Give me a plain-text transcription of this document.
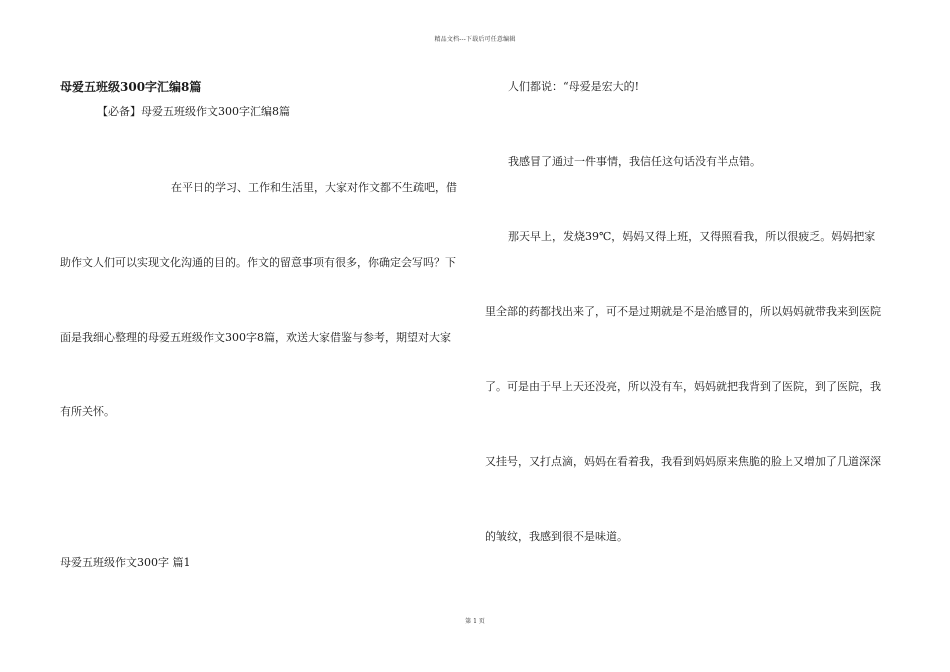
精品文档---下载后可任意编辑
母爱五班级300字汇编8篇
【必备】母爱五班级作文300字汇编8篇
在平日的学习、工作和生活里，大家对作文都不生疏吧，借
助作文人们可以实现文化沟通的目的。作文的留意事项有很多，你确定会写吗？下
面是我细心整理的母爱五班级作文300字8篇，欢送大家借鉴与参考，期望对大家
有所关怀。
母爱五班级作文300字 篇1
人们都说：“母爱是宏大的!
我感冒了通过一件事情，我信任这句话没有半点错。
那天早上，发烧39℃，妈妈又得上班，又得照看我，所以很疲乏。妈妈把家
里全部的药都找出来了，可不是过期就是不是治感冒的，所以妈妈就带我来到医院
了。可是由于早上天还没亮，所以没有车，妈妈就把我背到了医院，到了医院，我
又挂号，又打点滴，妈妈在看着我，我看到妈妈原来焦脆的脸上又增加了几道深深
的皱纹，我感到很不是味道。
第 1 页
